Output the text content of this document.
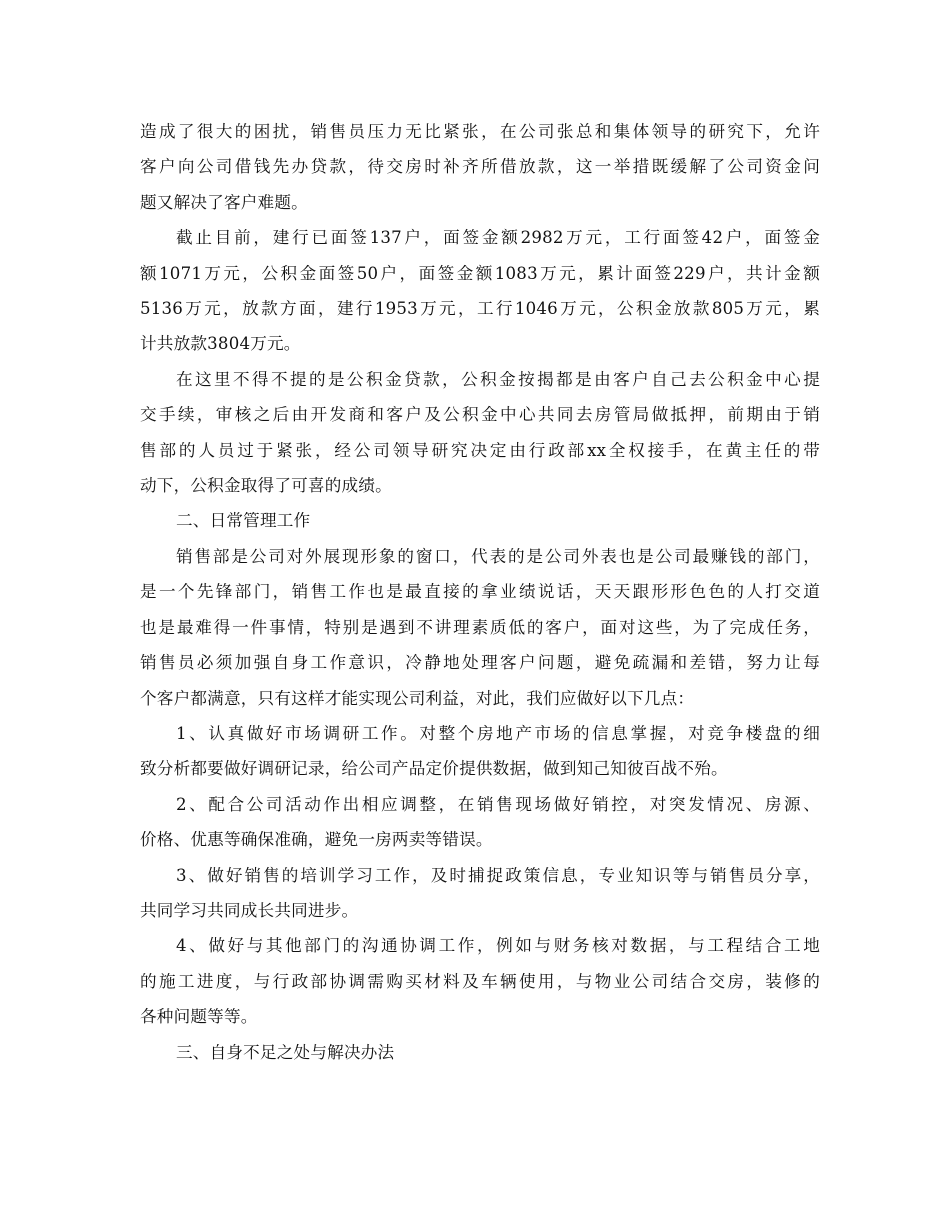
造成了很大的困扰，销售员压力无比紧张，在公司张总和集体领导的研究下，允许
客户向公司借钱先办贷款，待交房时补齐所借放款，这一举措既缓解了公司资金问
题又解决了客户难题。

截止目前，建行已面签137户，面签金额2982万元，工行面签42户，面签金
额1071万元，公积金面签50户，面签金额1083万元，累计面签229户，共计金额
5136万元，放款方面，建行1953万元，工行1046万元，公积金放款805万元，累
计共放款3804万元。

在这里不得不提的是公积金贷款，公积金按揭都是由客户自己去公积金中心提
交手续，审核之后由开发商和客户及公积金中心共同去房管局做抵押，前期由于销
售部的人员过于紧张，经公司领导研究决定由行政部xx全权接手，在黄主任的带
动下，公积金取得了可喜的成绩。

二、日常管理工作

销售部是公司对外展现形象的窗口，代表的是公司外表也是公司最赚钱的部门，
是一个先锋部门，销售工作也是最直接的拿业绩说话，天天跟形形色色的人打交道
也是最难得一件事情，特别是遇到不讲理素质低的客户，面对这些，为了完成任务，
销售员必须加强自身工作意识，冷静地处理客户问题，避免疏漏和差错，努力让每
个客户都满意，只有这样才能实现公司利益，对此，我们应做好以下几点：

1、认真做好市场调研工作。对整个房地产市场的信息掌握，对竞争楼盘的细
致分析都要做好调研记录，给公司产品定价提供数据，做到知己知彼百战不殆。

2、配合公司活动作出相应调整，在销售现场做好销控，对突发情况、房源、
价格、优惠等确保准确，避免一房两卖等错误。

3、做好销售的培训学习工作，及时捕捉政策信息，专业知识等与销售员分享，
共同学习共同成长共同进步。

4、做好与其他部门的沟通协调工作，例如与财务核对数据，与工程结合工地
的施工进度，与行政部协调需购买材料及车辆使用，与物业公司结合交房，装修的
各种问题等等。

三、自身不足之处与解决办法
